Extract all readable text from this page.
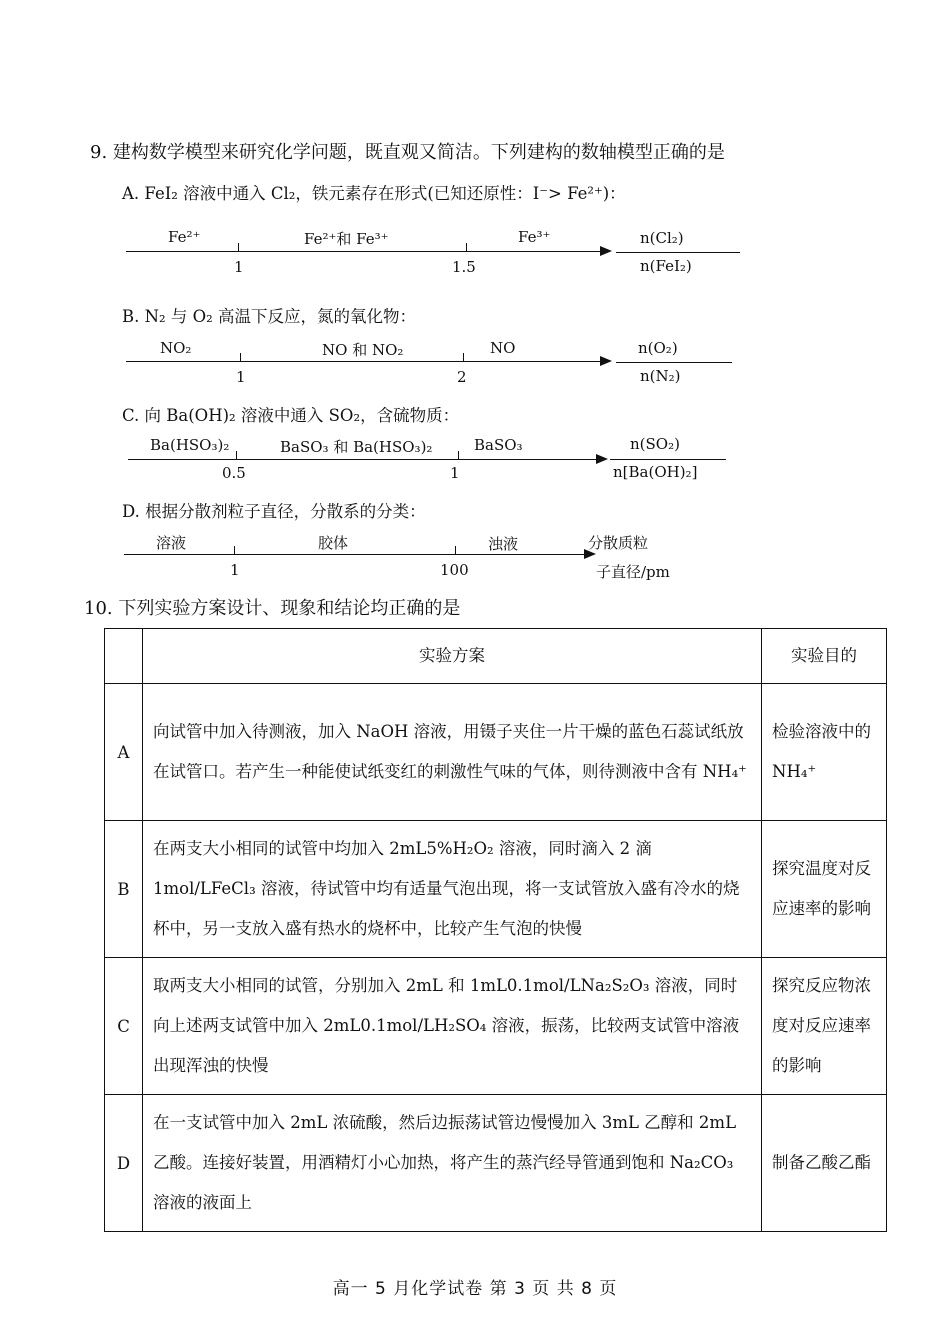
9. 建构数学模型来研究化学问题，既直观又简洁。下列建构的数轴模型正确的是
A. FeI₂ 溶液中通入 Cl₂，铁元素存在形式(已知还原性：I⁻> Fe²⁺)：
Fe²⁺	Fe²⁺和 Fe³⁺	Fe³⁺
1	1.5
n(Cl₂)
n(FeI₂)
B. N₂ 与 O₂ 高温下反应，氮的氧化物：
NO₂	NO 和 NO₂	NO
1	2
n(O₂)
n(N₂)
C. 向 Ba(OH)₂ 溶液中通入 SO₂，含硫物质：
Ba(HSO₃)₂	BaSO₃ 和 Ba(HSO₃)₂	BaSO₃
0.5	1
n(SO₂)
n[Ba(OH)₂]
D. 根据分散剂粒子直径，分散系的分类：
溶液	胶体	浊液
1	100
分散质粒
子直径/pm
10. 下列实验方案设计、现象和结论均正确的是
	实验方案	实验目的
A	向试管中加入待测液，加入 NaOH 溶液，用镊子夹住一片干燥的蓝色石蕊试纸放在试管口。若产生一种能使试纸变红的刺激性气味的气体，则待测液中含有 NH₄⁺	检验溶液中的 NH₄⁺

B	在两支大小相同的试管中均加入 2mL5%H₂O₂ 溶液，同时滴入 2 滴 1mol/LFeCl₃ 溶液，待试管中均有适量气泡出现，将一支试管放入盛有冷水的烧杯中，另一支放入盛有热水的烧杯中，比较产生气泡的快慢	探究温度对反应速率的影响

C	取两支大小相同的试管，分别加入 2mL 和 1mL0.1mol/LNa₂S₂O₃ 溶液，同时向上述两支试管中加入 2mL0.1mol/LH₂SO₄ 溶液，振荡，比较两支试管中溶液出现浑浊的快慢	探究反应物浓度对反应速率的影响

D	在一支试管中加入 2mL 浓硫酸，然后边振荡试管边慢慢加入 3mL 乙醇和 2mL 乙酸。连接好装置，用酒精灯小心加热，将产生的蒸汽经导管通到饱和 Na₂CO₃ 溶液的液面上	制备乙酸乙酯
高一 5 月化学试卷 第 3 页 共 8 页
